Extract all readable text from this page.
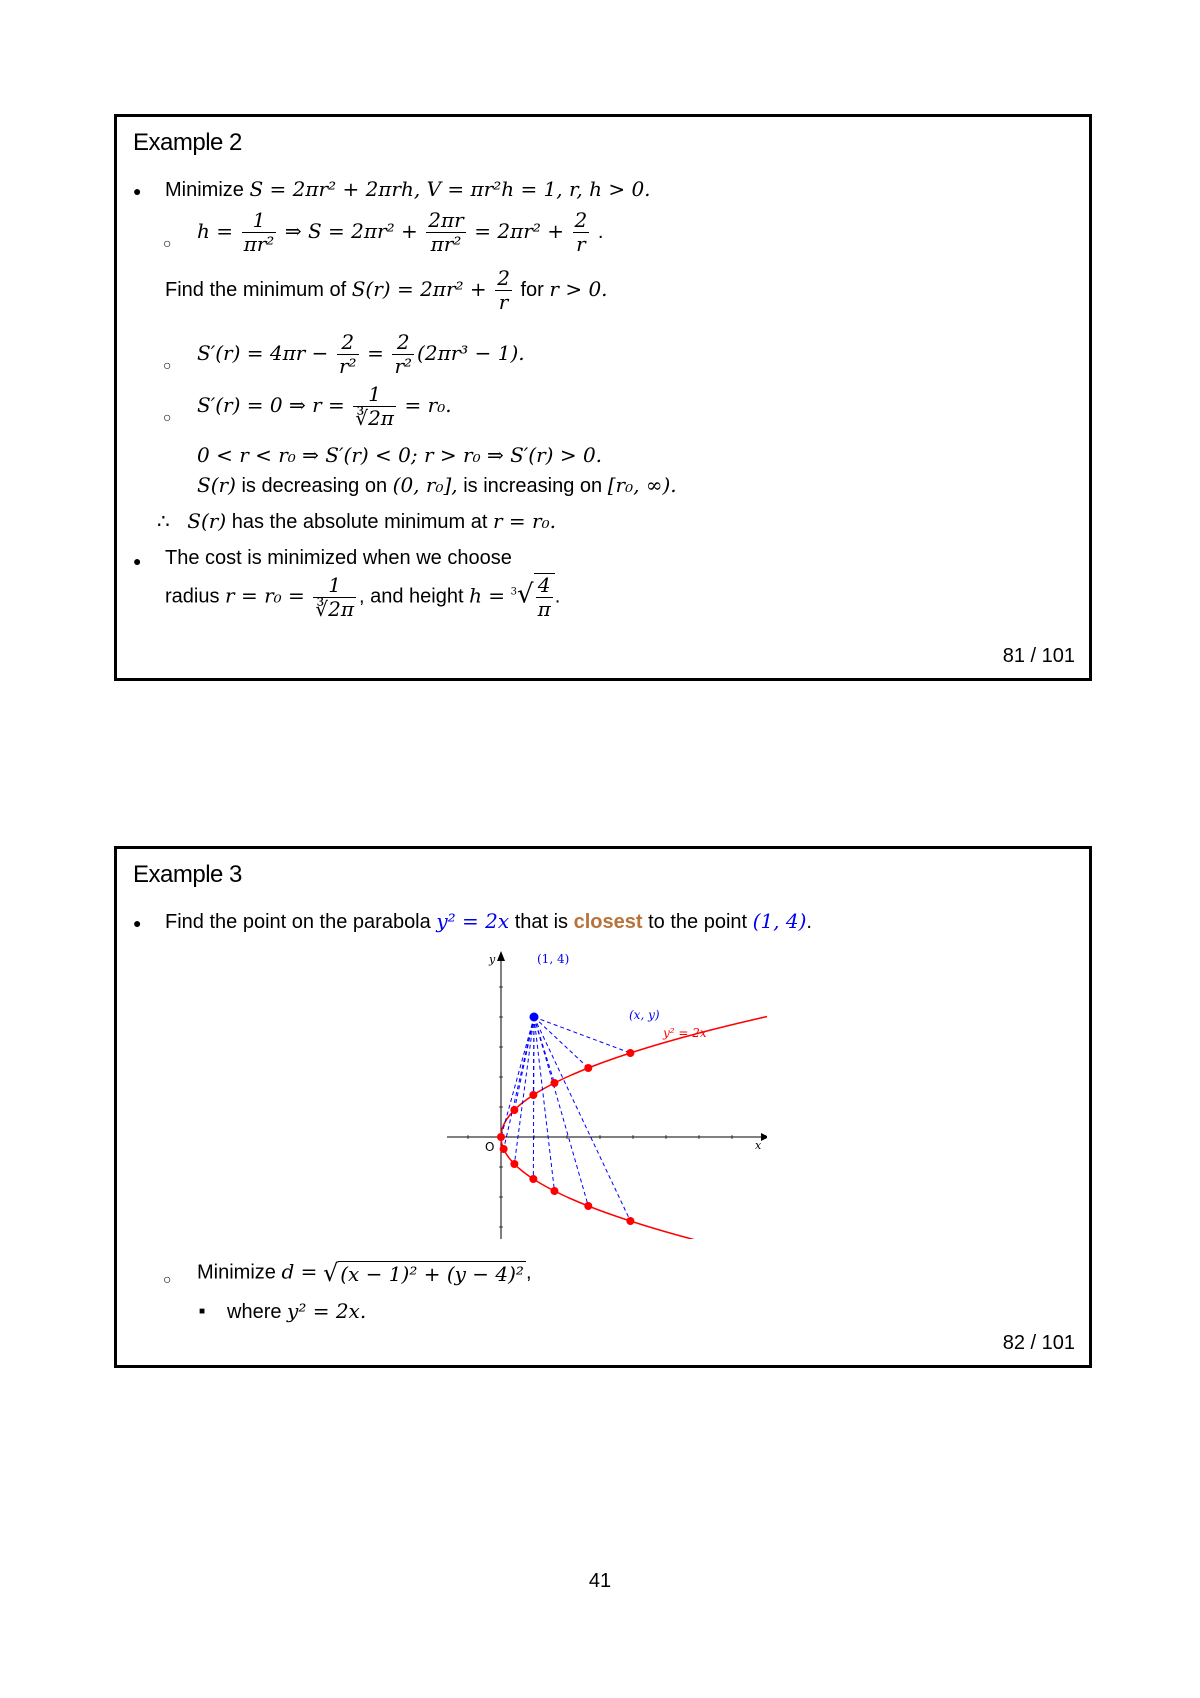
Example 2
● Minimize S = 2πr² + 2πrh, V = πr²h = 1, r, h > 0.
○
$h = \frac{1}{\text{πr²}}$ ⇒ $S = 2\pi r^2 + \frac{2\pi r}{\text{πr²}} = 2\pi r^2 + \frac{2}{r}$ .
Find the minimum of $S(r) = 2\pi r^2 + \frac{2}{r}$ for r > 0.
○
$S'(r) = 4\pi r - \frac{2}{\text{r²}} = \frac{2}{\text{r²}} (2\pi r^3 - 1)$.
○
S′(r) = 0 ⇒ $r = \frac{1}{∛2\pi} = r_0$.
0 < r < r₀ ⇒ S′(r) < 0; r > r₀ ⇒ S′(r) > 0.
S(r) is decreasing on (0, r₀], is increasing on [r₀, ∞).
∴ S(r) has the absolute minimum at r = r₀.
● The cost is minimized when we choose
radius $r = r_0 = \frac{1}{∛2\pi}$ , and height $h = ^3√ \frac{4}{\pi}$ .
81 / 101
Example 3
● Find the point on the parabola y² = 2x that is closest to the point (1, 4).
y
x
O
(1, 4)
(x, y)
y² = 2x
○ Minimize d = √ (x − 1)² + (y − 4)² ,
■ where y² = 2x.
82 / 101
41
